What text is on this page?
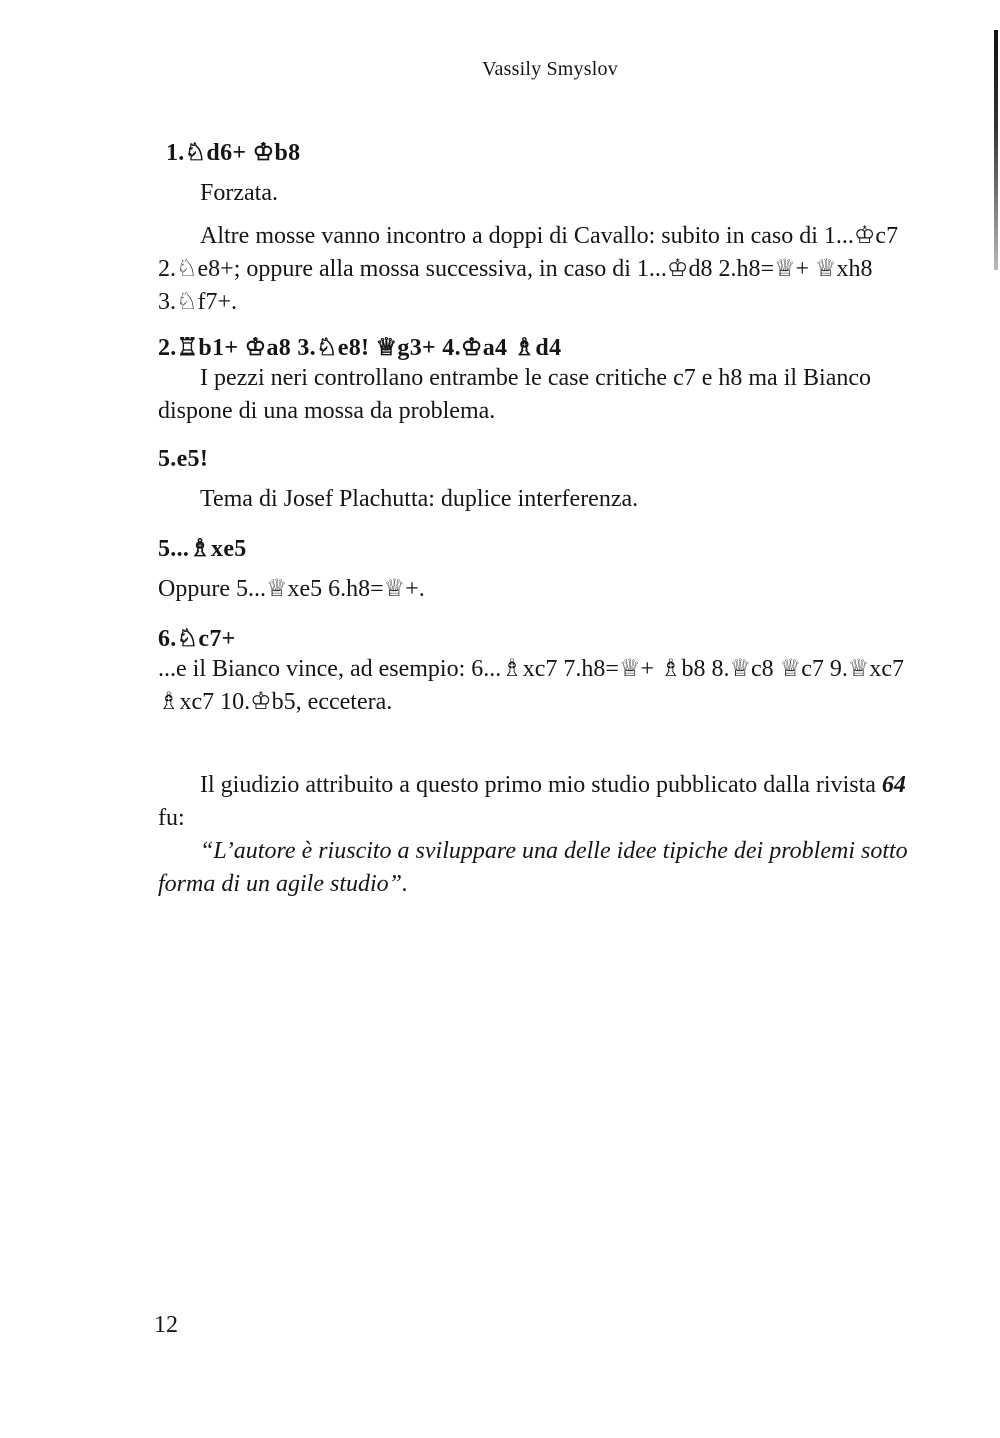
Vassily Smyslov

1.♘d6+ ♔b8

Forzata.

Altre mosse vanno incontro a doppi di Cavallo: subito in caso di 1...♔c7 2.♘e8+; oppure alla mossa successiva, in caso di 1...♔d8 2.h8=♕+ ♕xh8 3.♘f7+.

2.♖b1+ ♔a8 3.♘e8! ♕g3+ 4.♔a4 ♗d4

I pezzi neri controllano entrambe le case critiche c7 e h8 ma il Bianco dispone di una mossa da problema.

5.e5!

Tema di Josef Plachutta: duplice interferenza.

5...♗xe5

Oppure 5...♕xe5 6.h8=♕+.

6.♘c7+

...e il Bianco vince, ad esempio: 6...♗xc7 7.h8=♕+ ♗b8 8.♕c8 ♕c7 9.♕xc7 ♗xc7 10.♔b5, eccetera.

Il giudizio attribuito a questo primo mio studio pubblicato dalla rivista 64 fu:

“L’autore è riuscito a sviluppare una delle idee tipiche dei problemi sotto forma di un agile studio”.

12
